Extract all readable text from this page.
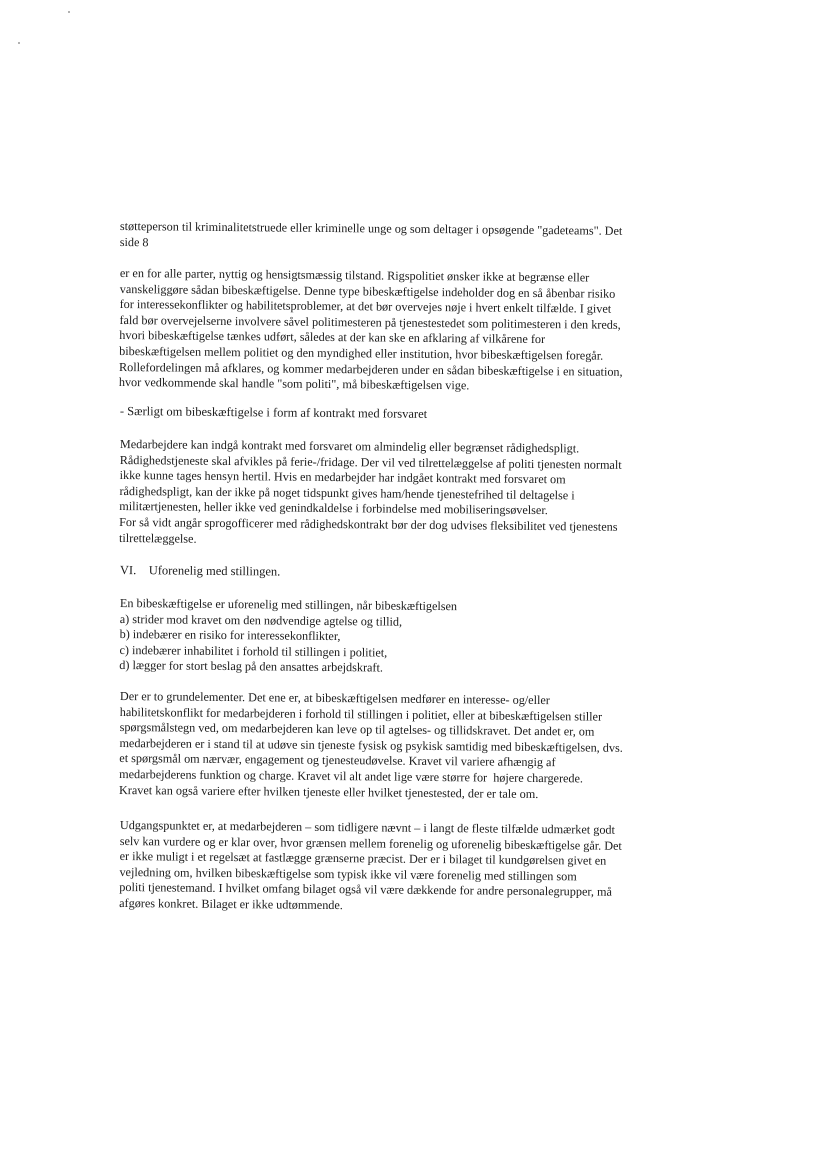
støtteperson til kriminalitetstruede eller kriminelle unge og som deltager i opsøgende "gadeteams". Det
side 8
er en for alle parter, nyttig og hensigtsmæssig tilstand. Rigspolitiet ønsker ikke at begrænse eller
vanskeliggøre sådan bibeskæftigelse. Denne type bibeskæftigelse indeholder dog en så åbenbar risiko
for interessekonflikter og habilitetsproblemer, at det bør overvejes nøje i hvert enkelt tilfælde. I givet
fald bør overvejelserne involvere såvel politimesteren på tjenestestedet som politimesteren i den kreds,
hvori bibeskæftigelse tænkes udført, således at der kan ske en afklaring af vilkårene for
bibeskæftigelsen mellem politiet og den myndighed eller institution, hvor bibeskæftigelsen foregår.
Rollefordelingen må afklares, og kommer medarbejderen under en sådan bibeskæftigelse i en situation,
hvor vedkommende skal handle "som politi", må bibeskæftigelsen vige.
- Særligt om bibeskæftigelse i form af kontrakt med forsvaret
Medarbejdere kan indgå kontrakt med forsvaret om almindelig eller begrænset rådighedspligt.
Rådighedstjeneste skal afvikles på ferie-/fridage. Der vil ved tilrettelæggelse af politi tjenesten normalt
ikke kunne tages hensyn hertil. Hvis en medarbejder har indgået kontrakt med forsvaret om
rådighedspligt, kan der ikke på noget tidspunkt gives ham/hende tjenestefrihed til deltagelse i
militærtjenesten, heller ikke ved genindkaldelse i forbindelse med mobiliseringsøvelser.
For så vidt angår sprogofficerer med rådighedskontrakt bør der dog udvises fleksibilitet ved tjenestens
tilrettelæggelse.
VI.    Uforenelig med stillingen.
En bibeskæftigelse er uforenelig med stillingen, når bibeskæftigelsen
a) strider mod kravet om den nødvendige agtelse og tillid,
b) indebærer en risiko for interessekonflikter,
c) indebærer inhabilitet i forhold til stillingen i politiet,
d) lægger for stort beslag på den ansattes arbejdskraft.
Der er to grundelementer. Det ene er, at bibeskæftigelsen medfører en interesse- og/eller
habilitetskonflikt for medarbejderen i forhold til stillingen i politiet, eller at bibeskæftigelsen stiller
spørgsmålstegn ved, om medarbejderen kan leve op til agtelses- og tillidskravet. Det andet er, om
medarbejderen er i stand til at udøve sin tjeneste fysisk og psykisk samtidig med bibeskæftigelsen, dvs.
et spørgsmål om nærvær, engagement og tjenesteudøvelse. Kravet vil variere afhængig af
medarbejderens funktion og charge. Kravet vil alt andet lige være større for  højere chargerede.
Kravet kan også variere efter hvilken tjeneste eller hvilket tjenestested, der er tale om.
Udgangspunktet er, at medarbejderen – som tidligere nævnt – i langt de fleste tilfælde udmærket godt
selv kan vurdere og er klar over, hvor grænsen mellem forenelig og uforenelig bibeskæftigelse går. Det
er ikke muligt i et regelsæt at fastlægge grænserne præcist. Der er i bilaget til kundgørelsen givet en
vejledning om, hvilken bibeskæftigelse som typisk ikke vil være forenelig med stillingen som
politi tjenestemand. I hvilket omfang bilaget også vil være dækkende for andre personalegrupper, må
afgøres konkret. Bilaget er ikke udtømmende.
